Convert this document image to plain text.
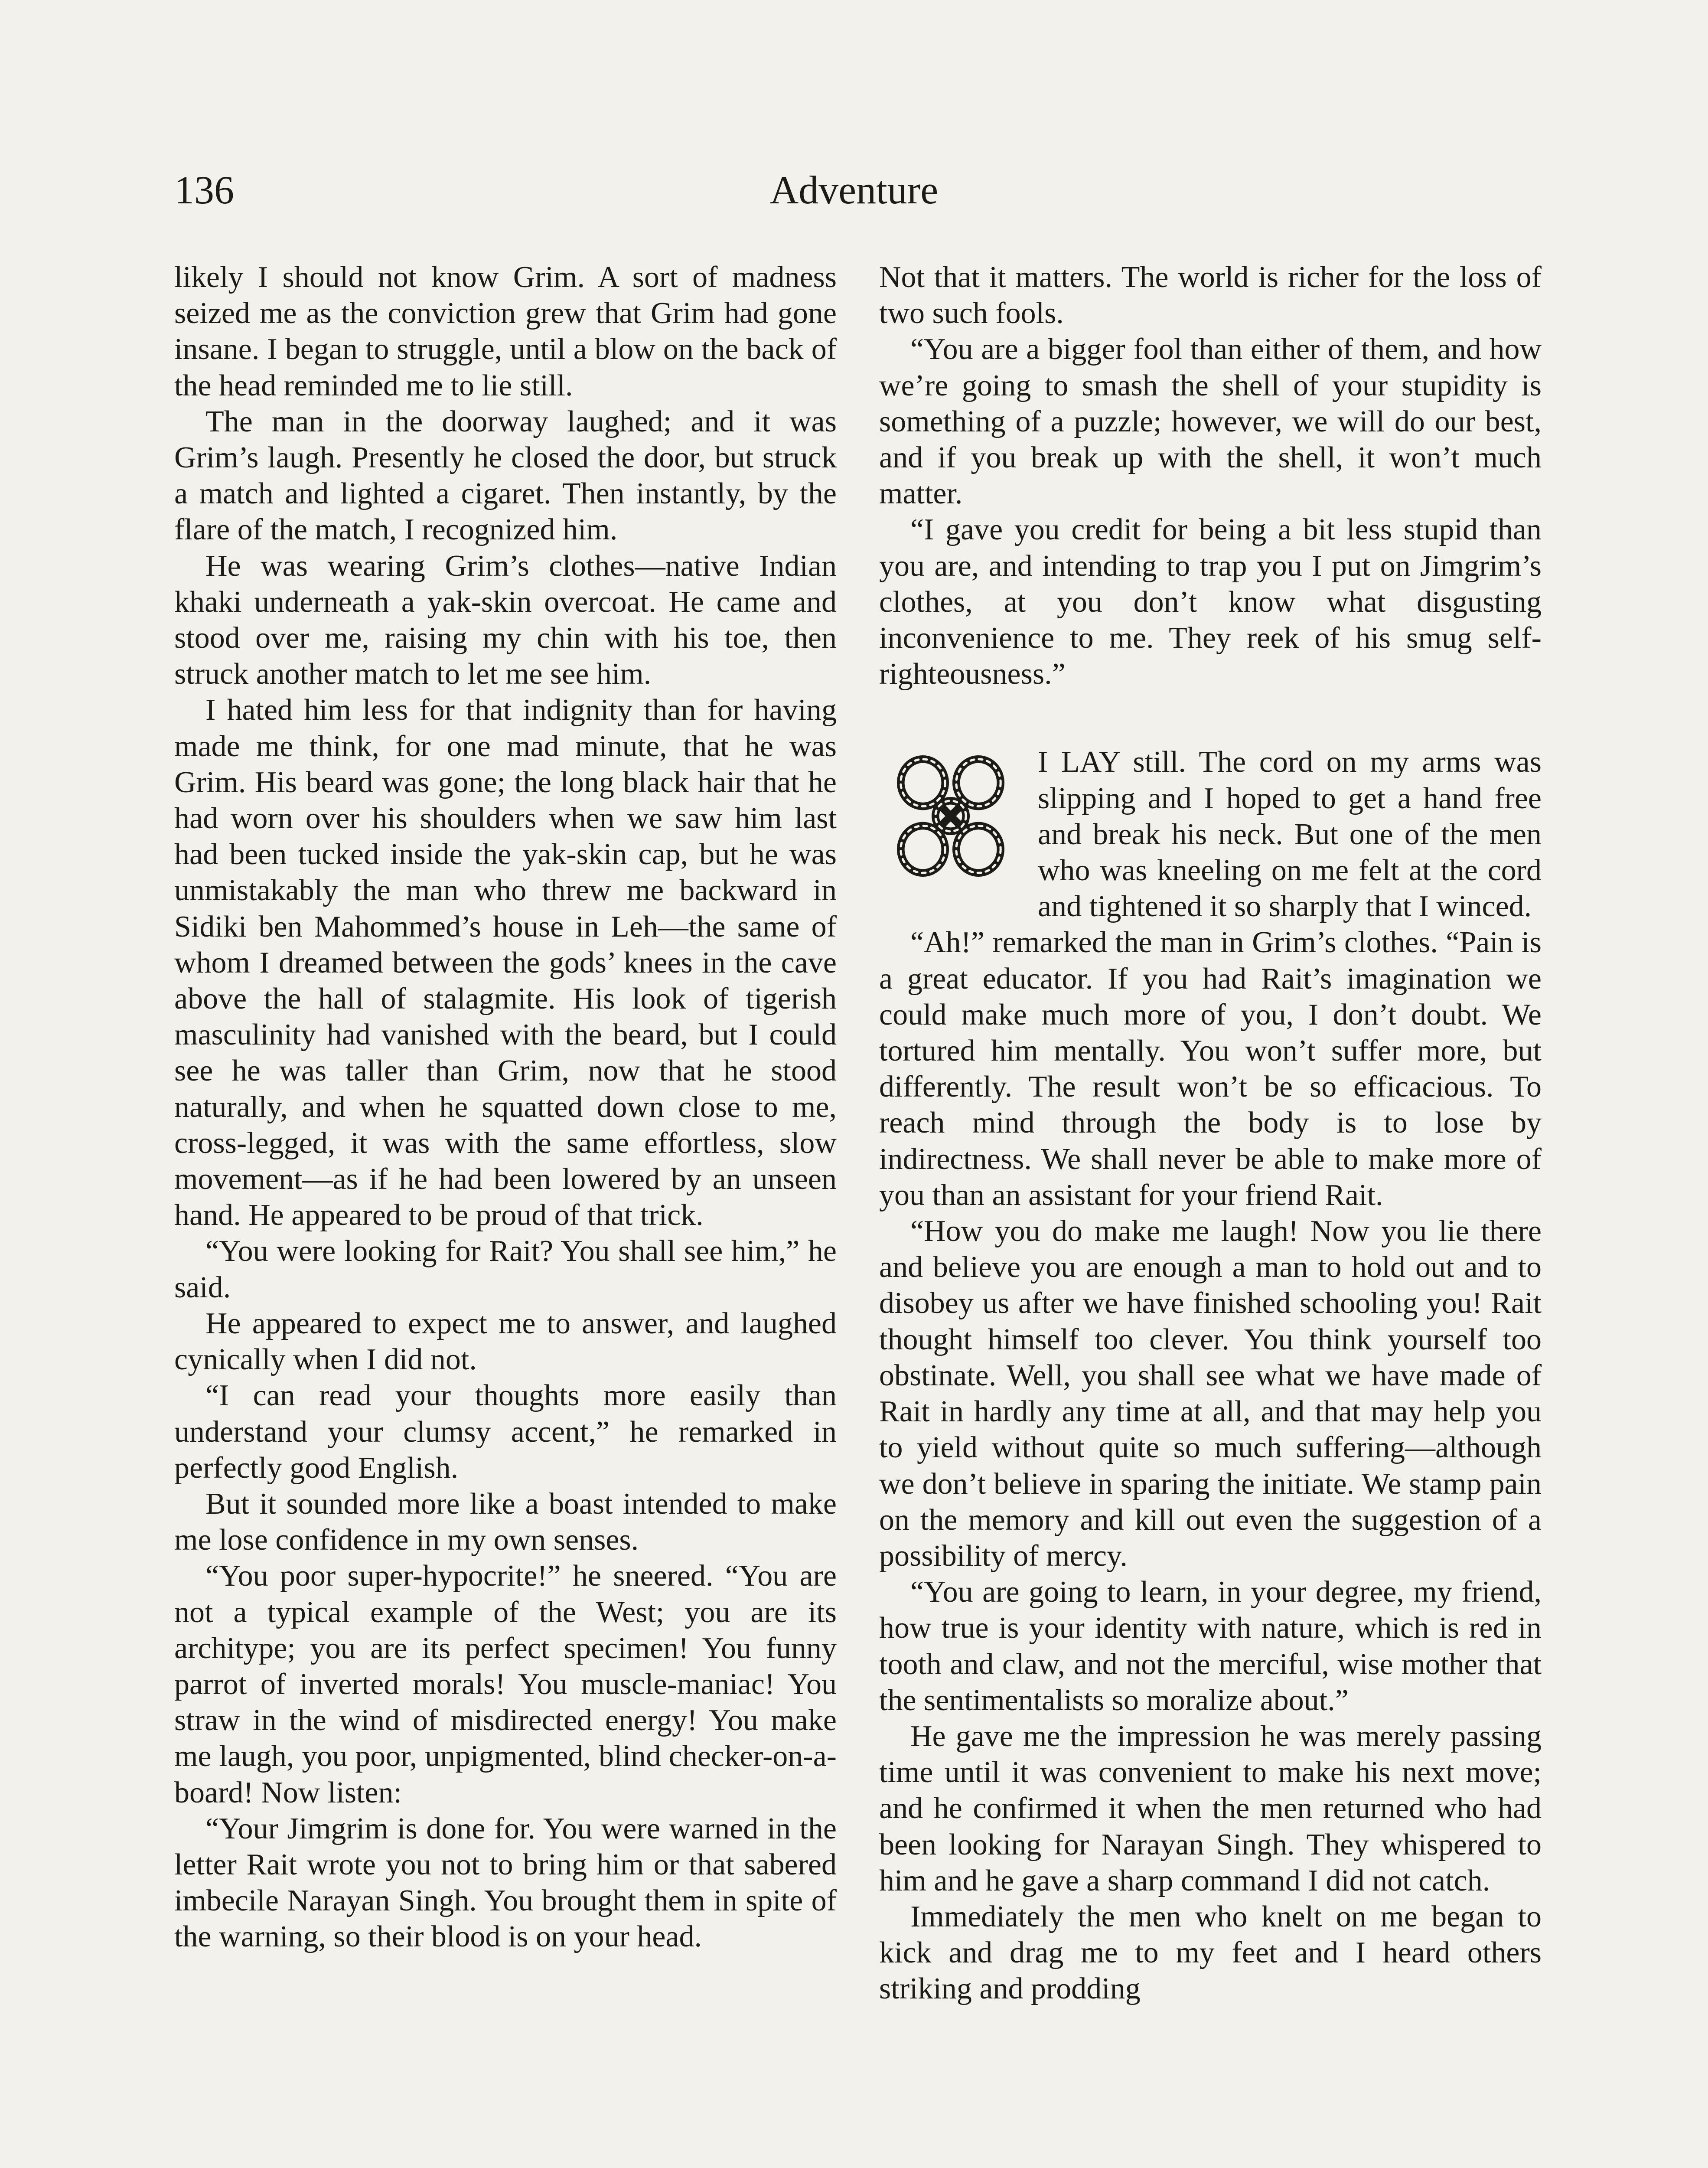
136	Adventure

likely I should not know Grim. A sort of madness seized me as the conviction grew that Grim had gone insane. I began to struggle, until a blow on the back of the head reminded me to lie still.

The man in the doorway laughed; and it was Grim’s laugh. Presently he closed the door, but struck a match and lighted a cigaret. Then instantly, by the flare of the match, I recognized him.

He was wearing Grim’s clothes—native Indian khaki underneath a yak-skin overcoat. He came and stood over me, raising my chin with his toe, then struck another match to let me see him.

I hated him less for that indignity than for having made me think, for one mad minute, that he was Grim. His beard was gone; the long black hair that he had worn over his shoulders when we saw him last had been tucked inside the yak-skin cap, but he was unmistakably the man who threw me backward in Sidiki ben Mahommed’s house in Leh—the same of whom I dreamed between the gods’ knees in the cave above the hall of stalagmite. His look of tigerish masculinity had vanished with the beard, but I could see he was taller than Grim, now that he stood naturally, and when he squatted down close to me, cross-legged, it was with the same effortless, slow movement—as if he had been lowered by an unseen hand. He appeared to be proud of that trick.

“You were looking for Rait? You shall see him,” he said.

He appeared to expect me to answer, and laughed cynically when I did not.

“I can read your thoughts more easily than understand your clumsy accent,” he remarked in perfectly good English.

But it sounded more like a boast intended to make me lose confidence in my own senses.

“You poor super-hypocrite!” he sneered. “You are not a typical example of the West; you are its architype; you are its perfect specimen! You funny parrot of inverted morals! You muscle-maniac! You straw in the wind of misdirected energy! You make me laugh, you poor, unpigmented, blind checker-on-a-board! Now listen:

“Your Jimgrim is done for. You were warned in the letter Rait wrote you not to bring him or that sabered imbecile Narayan Singh. You brought them in spite of the warning, so their blood is on your head.

Not that it matters. The world is richer for the loss of two such fools.

“You are a bigger fool than either of them, and how we’re going to smash the shell of your stupidity is something of a puzzle; however, we will do our best, and if you break up with the shell, it won’t much matter.

“I gave you credit for being a bit less stupid than you are, and intending to trap you I put on Jimgrim’s clothes, at you don’t know what disgusting inconvenience to me. They reek of his smug self-righteousness.”

I LAY still. The cord on my arms was slipping and I hoped to get a hand free and break his neck. But one of the men who was kneeling on me felt at the cord and tightened it so sharply that I winced.

“Ah!” remarked the man in Grim’s clothes. “Pain is a great educator. If you had Rait’s imagination we could make much more of you, I don’t doubt. We tortured him mentally. You won’t suffer more, but differently. The result won’t be so efficacious. To reach mind through the body is to lose by indirectness. We shall never be able to make more of you than an assistant for your friend Rait.

“How you do make me laugh! Now you lie there and believe you are enough a man to hold out and to disobey us after we have finished schooling you! Rait thought himself too clever. You think yourself too obstinate. Well, you shall see what we have made of Rait in hardly any time at all, and that may help you to yield without quite so much suffering—although we don’t believe in sparing the initiate. We stamp pain on the memory and kill out even the suggestion of a possibility of mercy.

“You are going to learn, in your degree, my friend, how true is your identity with nature, which is red in tooth and claw, and not the merciful, wise mother that the sentimentalists so moralize about.”

He gave me the impression he was merely passing time until it was convenient to make his next move; and he confirmed it when the men returned who had been looking for Narayan Singh. They whispered to him and he gave a sharp command I did not catch.

Immediately the men who knelt on me began to kick and drag me to my feet and I heard others striking and prodding
